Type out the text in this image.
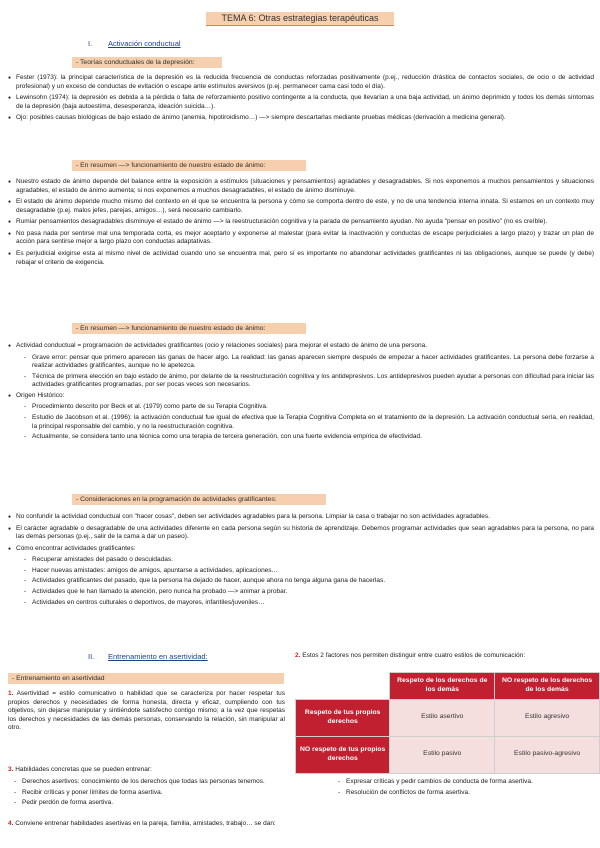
TEMA 6: Otras estrategias terapéuticas
I. Activación conductual
- Teorías conductuales de la depresión:
● Fester (1973): la principal característica de la depresión es la reducida frecuencia de conductas reforzadas positivamente (p.ej., reducción drástica de contactos sociales, de ocio o de actividad profesional) y un exceso de conductas de evitación o escape ante estímulos aversivos (p.ej. permanecer cama casi todo el día).
● Lewinsohn (1974): la depresión es debida a la pérdida o falta de reforzamiento positivo contingente a la conducta, que llevarían a una baja actividad, un ánimo deprimido y todos los demás síntomas de la depresión (baja autoestima, desesperanza, ideación suicida…).
● Ojo: posibles causas biológicas de bajo estado de ánimo (anemia, hipotiroidismo…) —> siempre descartarlas mediante pruebas médicas (derivación a medicina general).
- En resumen —> funcionamiento de nuestro estado de ánimo:
● Nuestro estado de ánimo depende del balance entre la exposición a estímulos (situaciones y pensamientos) agradables y desagradables. Si nos exponemos a muchos pensamientos y situaciones agradables, el estado de ánimo aumenta; si nos exponemos a muchos desagradables, el estado de ánimo disminuye.
● El estado de ánimo depende mucho mismo del contexto en el que se encuentra la persona y cómo se comporta dentro de este, y no de una tendencia interna innata. Si estamos en un contexto muy desagradable (p.ej. malos jefes, parejas, amigos…), será necesario cambiarlo.
● Rumiar pensamientos desagradables disminuye el estado de ánimo —> la reestructuración cognitiva y la parada de pensamiento ayudan. No ayuda "pensar en positivo" (no es creíble).
● No pasa nada por sentirse mal una temporada corta, es mejor aceptarlo y exponerse al malestar (para evitar la inactivación y conductas de escape perjudiciales a largo plazo) y trazar un plan de acción para sentirse mejor a largo plazo con conductas adaptativas.
● Es perjudicial exigirse esta al mismo nivel de actividad cuando uno se encuentra mal, pero sí es importante no abandonar actividades gratificantes ni las obligaciones, aunque se puede (y debe) rebajar el criterio de exigencia.
- En resumen —> funcionamiento de nuestro estado de ánimo:
● Actividad conductual = programación de actividades gratificantes (ocio y relaciones sociales) para mejorar el estado de ánimo de una persona.
- Grave error: pensar que primero aparecen las ganas de hacer algo. La realidad: las ganas aparecen siempre después de empezar a hacer actividades gratificantes. La persona debe forzarse a realizar actividades gratificantes, aunque no le apetezca.
- Técnica de primera elección en bajo estado de ánimo, por delante de la reestructuración cognitiva y los antidepresivos. Los antidepresivos pueden ayudar a personas con dificultad para iniciar las actividades gratificantes programadas, por ser pocas veces son necesarios.
● Origen Histórico:
- Procedimiento descrito por Beck et al. (1979) como parte de su Terapia Cognitiva.
- Estudio de Jacobson et al. (1996): la activación conductual fue igual de efectiva que la Terapia Cognitiva Completa en el tratamiento de la depresión. La activación conductual sería, en realidad, la principal responsable del cambio, y no la reestructuración cognitiva.
- Actualmente, se considera tanto una técnica como una terapia de tercera generación, con una fuerte evidencia empírica de efectividad.
- Consideraciones en la programación de actividades gratificantes:
● No confundir la actividad conductual con "hacer cosas", deben ser actividades agradables para la persona. Limpiar la casa o trabajar no son actividades agradables.
● El carácter agradable o desagradable de una actividades diferente en cada persona según su historia de aprendizaje. Debemos programar actividades que sean agradables para la persona, no para las demás personas (p.ej., salir de la cama a dar un paseo).
● Cómo encontrar actividades gratificantes:
- Recuperar amistades del pasado o descuidadas.
- Hacer nuevas amistades: amigos de amigos, apuntarse a actividades, aplicaciones…
- Actividades gratificantes del pasado, que la persona ha dejado de hacer, aunque ahora no tenga alguna gana de hacerlas.
- Actividades que le han llamado la atención, pero nunca ha probado —> animar a probar.
- Actividades en centros culturales o deportivos, de mayores, infantiles/juveniles…
II. Entrenamiento en asertividad:
- Entrenamiento en asertividad
1. Asertividad = estilo comunicativo o habilidad que se caracteriza por hacer respetar tus propios derechos y necesidades de forma honesta, directa y eficaz, cumpliendo con tus objetivos, sin dejarse manipular y sintiéndote satisfecho contigo mismo; a la vez que respetas los derechos y necesidades de las demás personas, conservando la relación, sin manipular al otro.
2. Estos 2 factores nos permiten distinguir entre cuatro estilos de comunicación:
	Respeto de los derechos de los demás	NO respeto de los derechos de los demás
Respeto de tus propios derechos	Estilo asertivo	Estilo agresivo
NO respeto de tus propios derechos	Estilo pasivo	Estilo pasivo-agresivo
3. Habilidades concretas que se pueden entrenar:
- Derechos asertivos: conocimiento de los derechos que todas las personas tenemos.
- Recibir críticas y poner límites de forma asertiva.
- Pedir perdón de forma asertiva.
- Expresar críticas y pedir cambios de conducta de forma asertiva.
- Resolución de conflictos de forma asertiva.
4. Conviene entrenar habilidades asertivas en la pareja, familia, amistades, trabajo… se dan:
